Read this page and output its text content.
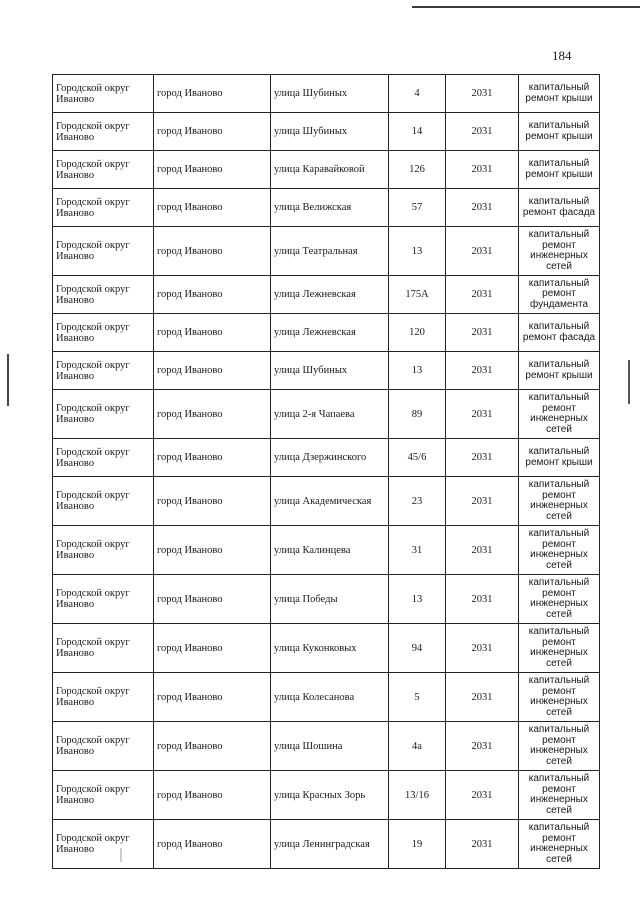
184
Городской округ Иваново	город Иваново	улица Шубиных	4	2031	капитальный ремонт крыши
Городской округ Иваново	город Иваново	улица Шубиных	14	2031	капитальный ремонт крыши
Городской округ Иваново	город Иваново	улица Каравайковой	126	2031	капитальный ремонт крыши
Городской округ Иваново	город Иваново	улица Велижская	57	2031	капитальный ремонт фасада
Городской округ Иваново	город Иваново	улица Театральная	13	2031	капитальный ремонт инженерных сетей
Городской округ Иваново	город Иваново	улица Лежневская	175А	2031	капитальный ремонт фундамента
Городской округ Иваново	город Иваново	улица Лежневская	120	2031	капитальный ремонт фасада
Городской округ Иваново	город Иваново	улица Шубиных	13	2031	капитальный ремонт крыши
Городской округ Иваново	город Иваново	улица 2-я Чапаева	89	2031	капитальный ремонт инженерных сетей
Городской округ Иваново	город Иваново	улица Дзержинского	45/6	2031	капитальный ремонт крыши
Городской округ Иваново	город Иваново	улица Академическая	23	2031	капитальный ремонт инженерных сетей
Городской округ Иваново	город Иваново	улица Калинцева	31	2031	капитальный ремонт инженерных сетей
Городской округ Иваново	город Иваново	улица Победы	13	2031	капитальный ремонт инженерных сетей
Городской округ Иваново	город Иваново	улица Куконковых	94	2031	капитальный ремонт инженерных сетей
Городской округ Иваново	город Иваново	улица Колесанова	5	2031	капитальный ремонт инженерных сетей
Городской округ Иваново	город Иваново	улица Шошина	4а	2031	капитальный ремонт инженерных сетей
Городской округ Иваново	город Иваново	улица Красных Зорь	13/16	2031	капитальный ремонт инженерных сетей
Городской округ Иваново	город Иваново	улица Ленинградская	19	2031	капитальный ремонт инженерных сетей
